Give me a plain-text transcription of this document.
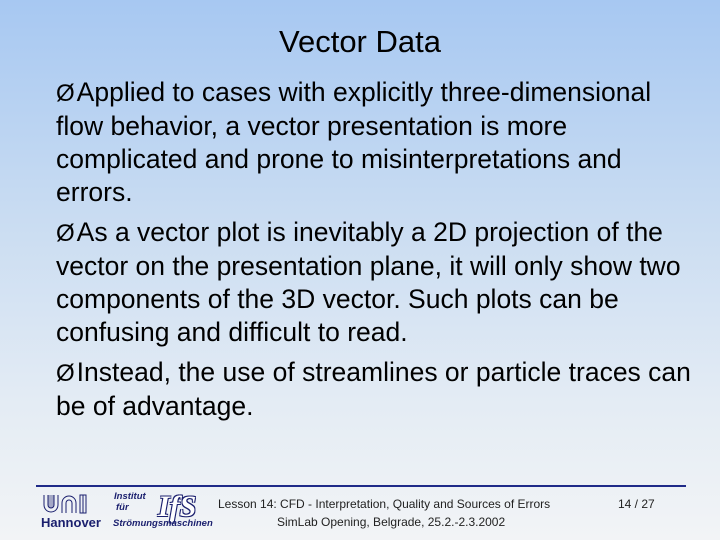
Vector Data
ØApplied to cases with explicitly three-dimensional flow behavior, a vector presentation is more complicated and prone to misinterpretations and errors.
ØAs a vector plot is inevitably a 2D projection of the vector on the presentation plane, it will only show two components of the 3D vector. Such plots can be confusing and difficult to read.
ØInstead, the use of streamlines or particle traces can be of advantage.
Hannover
Institut
für IfS
Strömungsmaschinen
Lesson 14: CFD - Interpretation, Quality and Sources of Errors	14 / 27
SimLab Opening, Belgrade, 25.2.-2.3.2002
